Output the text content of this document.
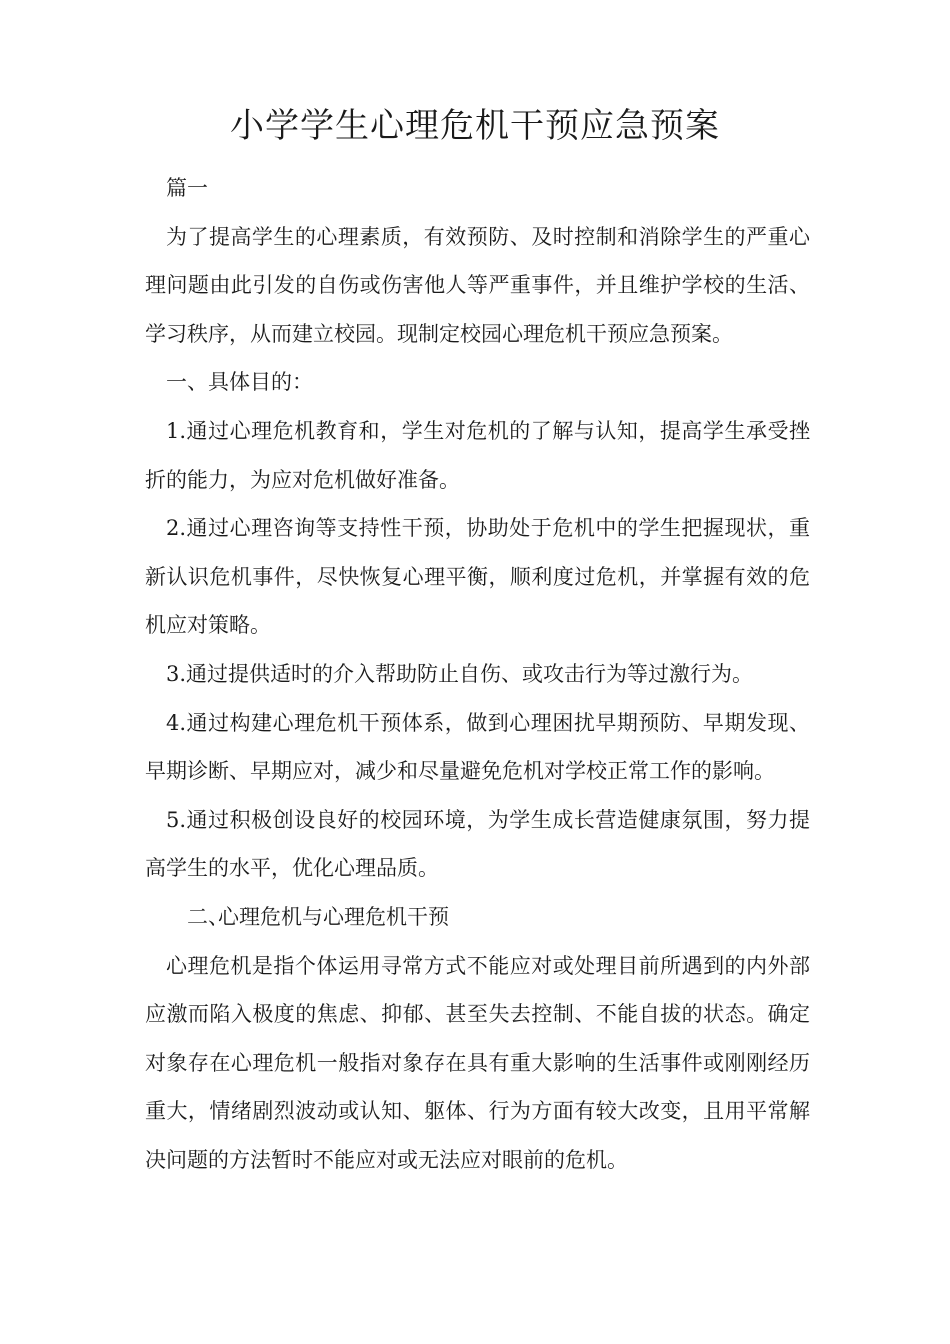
小学学生心理危机干预应急预案

篇一

为了提高学生的心理素质，有效预防、及时控制和消除学生的严重心理问题由此引发的自伤或伤害他人等严重事件，并且维护学校的生活、学习秩序，从而建立校园。现制定校园心理危机干预应急预案。

一、具体目的：

1.通过心理危机教育和，学生对危机的了解与认知，提高学生承受挫折的能力，为应对危机做好准备。

2.通过心理咨询等支持性干预，协助处于危机中的学生把握现状，重新认识危机事件，尽快恢复心理平衡，顺利度过危机，并掌握有效的危机应对策略。

3.通过提供适时的介入帮助防止自伤、或攻击行为等过激行为。

4.通过构建心理危机干预体系，做到心理困扰早期预防、早期发现、早期诊断、早期应对，减少和尽量避免危机对学校正常工作的影响。

5.通过积极创设良好的校园环境，为学生成长营造健康氛围，努力提高学生的水平，优化心理品质。

二、心理危机与心理危机干预

心理危机是指个体运用寻常方式不能应对或处理目前所遇到的内外部应激而陷入极度的焦虑、抑郁、甚至失去控制、不能自拔的状态。确定对象存在心理危机一般指对象存在具有重大影响的生活事件或刚刚经历重大，情绪剧烈波动或认知、躯体、行为方面有较大改变，且用平常解决问题的方法暂时不能应对或无法应对眼前的危机。
